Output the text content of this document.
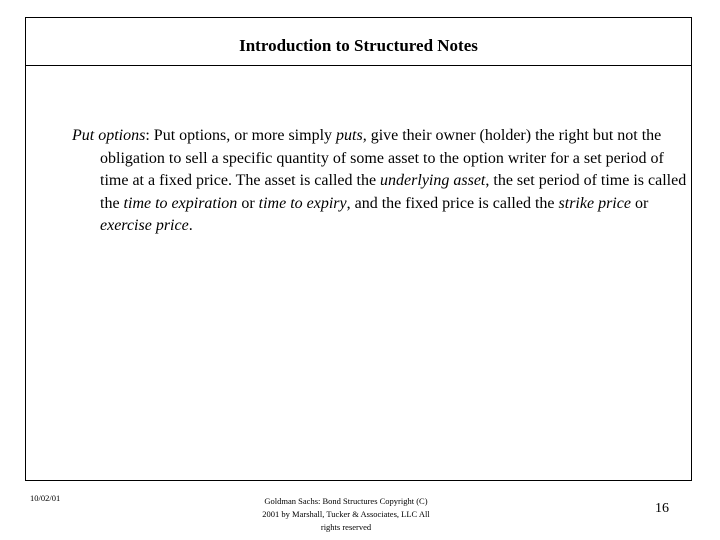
Introduction to Structured Notes
Put options: Put options, or more simply puts, give their owner (holder) the right but not the obligation to sell a specific quantity of some asset to the option writer for a set period of time at a fixed price. The asset is called the underlying asset, the set period of time is called the time to expiration or time to expiry, and the fixed price is called the strike price or exercise price.
10/02/01	Goldman Sachs: Bond Structures Copyright (C)
2001 by Marshall, Tucker & Associates, LLC All
rights reserved
16
